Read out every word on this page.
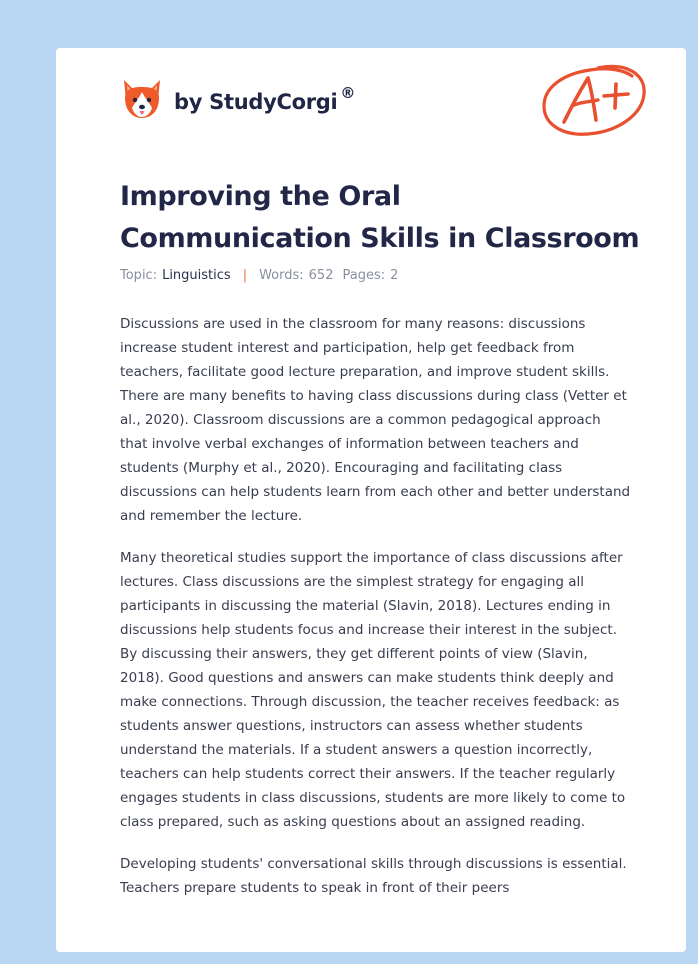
by StudyCorgi ®
Improving the Oral Communication Skills in Classroom
Topic: Linguistics | Words: 652 Pages: 2

Discussions are used in the classroom for many reasons: discussions increase student interest and participation, help get feedback from teachers, facilitate good lecture preparation, and improve student skills. There are many benefits to having class discussions during class (Vetter et al., 2020). Classroom discussions are a common pedagogical approach that involve verbal exchanges of information between teachers and students (Murphy et al., 2020). Encouraging and facilitating class discussions can help students learn from each other and better understand and remember the lecture.

Many theoretical studies support the importance of class discussions after lectures. Class discussions are the simplest strategy for engaging all participants in discussing the material (Slavin, 2018). Lectures ending in discussions help students focus and increase their interest in the subject. By discussing their answers, they get different points of view (Slavin, 2018). Good questions and answers can make students think deeply and make connections. Through discussion, the teacher receives feedback: as students answer questions, instructors can assess whether students understand the materials. If a student answers a question incorrectly, teachers can help students correct their answers. If the teacher regularly engages students in class discussions, students are more likely to come to class prepared, such as asking questions about an assigned reading.

Developing students' conversational skills through discussions is essential. Teachers prepare students to speak in front of their peers
